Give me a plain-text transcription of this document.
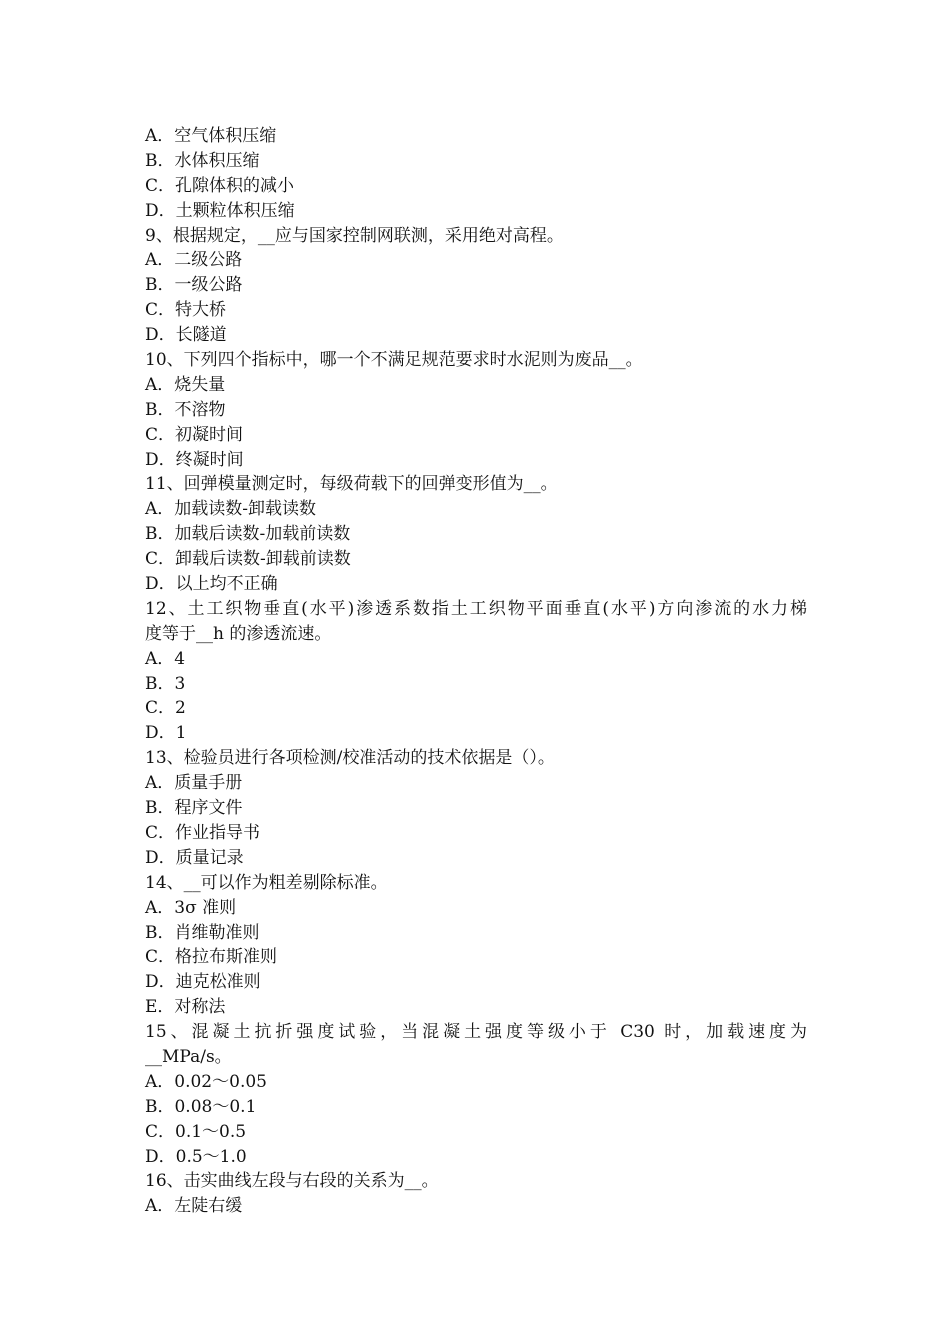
A．空气体积压缩
B．水体积压缩
C．孔隙体积的减小
D．土颗粒体积压缩
9、根据规定，__应与国家控制网联测，采用绝对高程。
A．二级公路
B．一级公路
C．特大桥
D．长隧道
10、下列四个指标中，哪一个不满足规范要求时水泥则为废品__。
A．烧失量
B．不溶物
C．初凝时间
D．终凝时间
11、回弹模量测定时，每级荷载下的回弹变形值为__。
A．加载读数-卸载读数
B．加载后读数-加载前读数
C．卸载后读数-卸载前读数
D．以上均不正确
12、土工织物垂直(水平)渗透系数指土工织物平面垂直(水平)方向渗流的水力梯
度等于__h 的渗透流速。
A．4
B．3
C．2
D．1
13、检验员进行各项检测/校准活动的技术依据是（）。
A．质量手册
B．程序文件
C．作业指导书
D．质量记录
14、__可以作为粗差剔除标准。
A．3σ 准则
B．肖维勒准则
C．格拉布斯准则
D．迪克松准则
E．对称法
15、混凝土抗折强度试验，当混凝土强度等级小于 C30 时，加载速度为
__MPa/s。
A．0.02～0.05
B．0.08～0.1
C．0.1～0.5
D．0.5～1.0
16、击实曲线左段与右段的关系为__。
A．左陡右缓
